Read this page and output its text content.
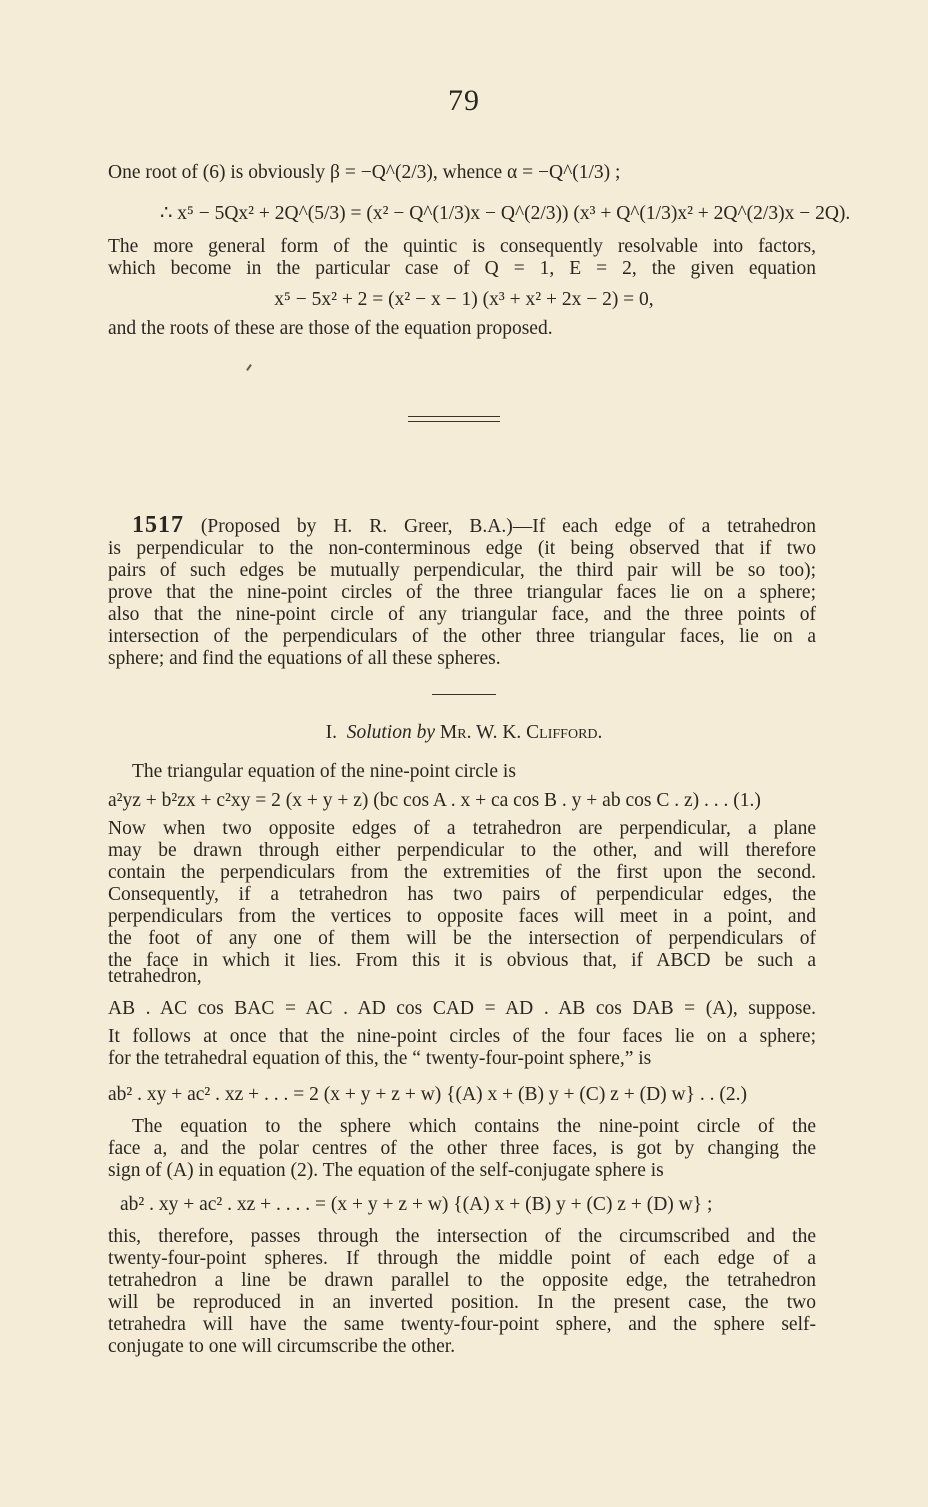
79
One root of (6) is obviously β = −Q^(2/3), whence α = −Q^(1/3) ;
∴ x⁵ − 5Qx² + 2Q^(5/3) = (x² − Q^(1/3)x − Q^(2/3)) (x³ + Q^(1/3)x² + 2Q^(2/3)x − 2Q).
The more general form of the quintic is consequently resolvable into factors,
which become in the particular case of Q = 1, E = 2, the given equation
x⁵ − 5x² + 2 = (x² − x − 1) (x³ + x² + 2x − 2) = 0,
and the roots of these are those of the equation proposed.
1517 (Proposed by H. R. Greer, B.A.)—If each edge of a tetrahedron
is perpendicular to the non-conterminous edge (it being observed that if two
pairs of such edges be mutually perpendicular, the third pair will be so too);
prove that the nine-point circles of the three triangular faces lie on a sphere;
also that the nine-point circle of any triangular face, and the three points of
intersection of the perpendiculars of the other three triangular faces, lie on a
sphere; and find the equations of all these spheres.
I. Solution by Mr. W. K. Clifford.
The triangular equation of the nine-point circle is
a²yz + b²zx + c²xy = 2 (x + y + z) (bc cos A . x + ca cos B . y + ab cos C . z) . . . (1.)
Now when two opposite edges of a tetrahedron are perpendicular, a plane
may be drawn through either perpendicular to the other, and will therefore
contain the perpendiculars from the extremities of the first upon the second.
Consequently, if a tetrahedron has two pairs of perpendicular edges, the
perpendiculars from the vertices to opposite faces will meet in a point, and
the foot of any one of them will be the intersection of perpendiculars of
the face in which it lies. From this it is obvious that, if ABCD be such a
tetrahedron,
AB . AC cos BAC = AC . AD cos CAD = AD . AB cos DAB = (A), suppose.
It follows at once that the nine-point circles of the four faces lie on a sphere;
for the tetrahedral equation of this, the “ twenty-four-point sphere,” is
ab² . xy + ac² . xz + . . . = 2 (x + y + z + w) {(A) x + (B) y + (C) z + (D) w} . . (2.)
The equation to the sphere which contains the nine-point circle of the
face a, and the polar centres of the other three faces, is got by changing the
sign of (A) in equation (2). The equation of the self-conjugate sphere is
ab² . xy + ac² . xz + . . . . = (x + y + z + w) {(A) x + (B) y + (C) z + (D) w} ;
this, therefore, passes through the intersection of the circumscribed and the
twenty-four-point spheres. If through the middle point of each edge of a
tetrahedron a line be drawn parallel to the opposite edge, the tetrahedron
will be reproduced in an inverted position. In the present case, the two
tetrahedra will have the same twenty-four-point sphere, and the sphere self-
conjugate to one will circumscribe the other.
